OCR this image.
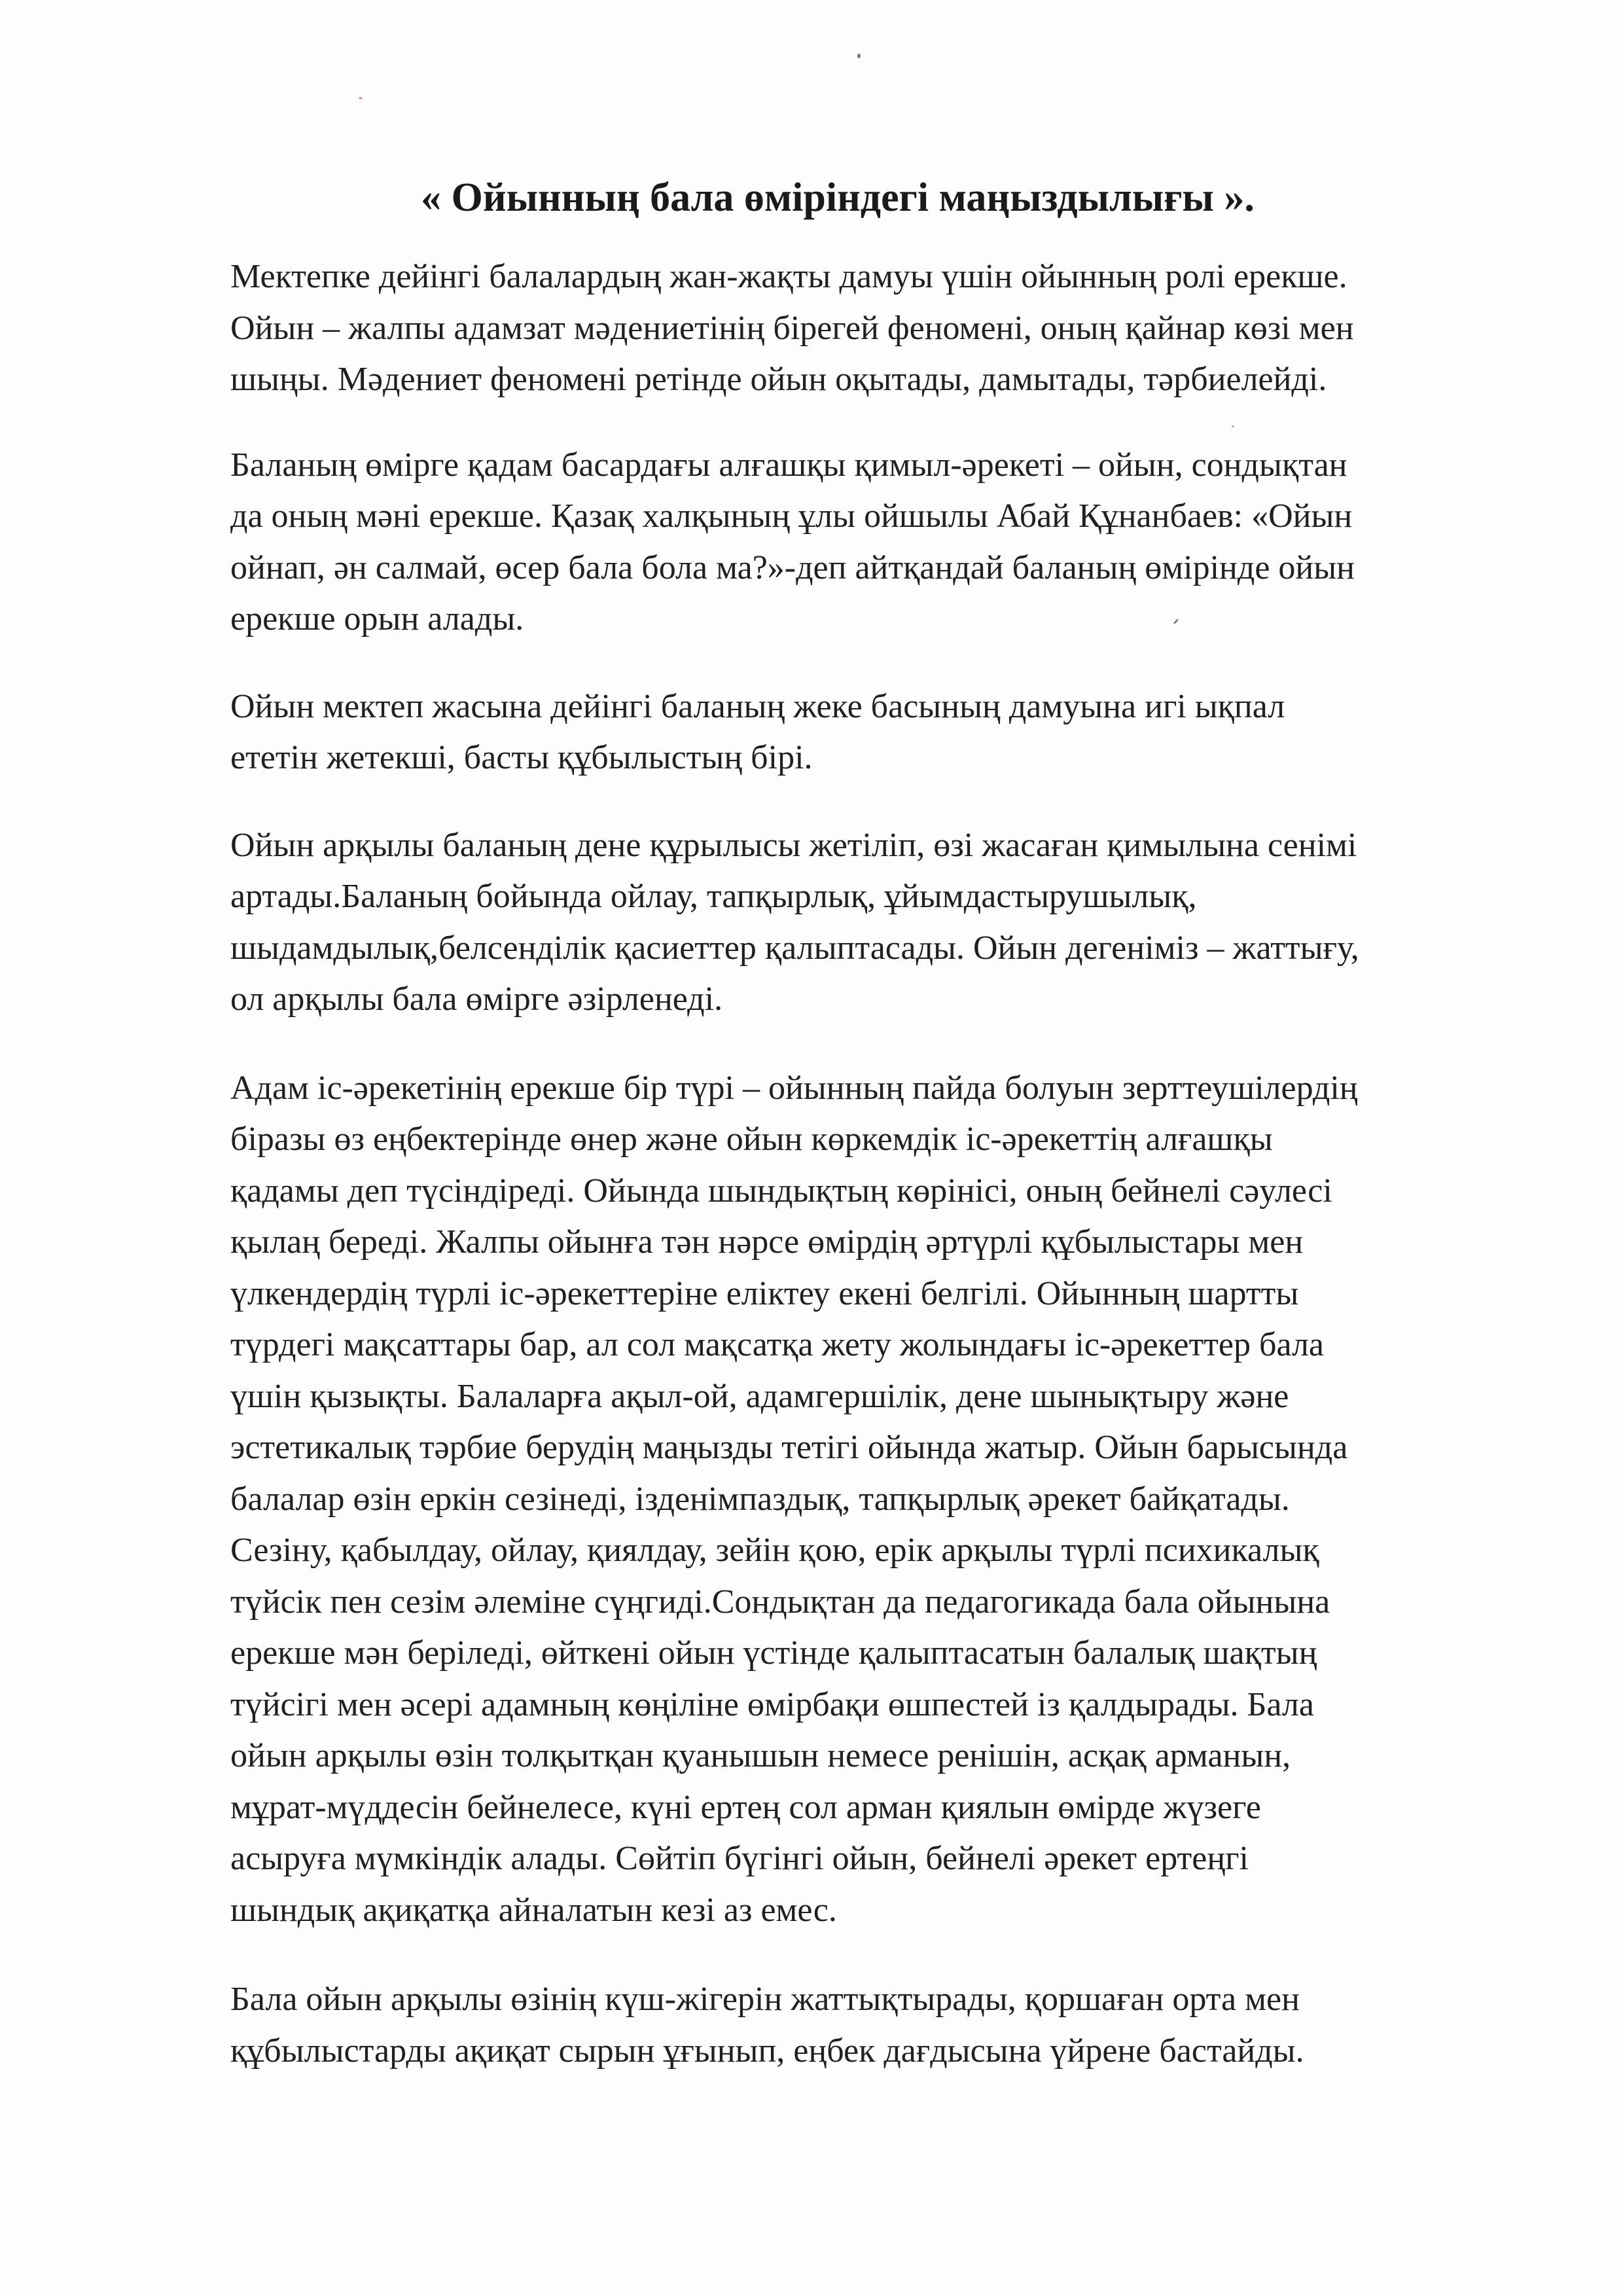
« Ойынның бала өміріндегі маңыздылығы ».

Мектепке дейінгі балалардың жан-жақты дамуы үшін ойынның ролі ерекше.
Ойын – жалпы адамзат мәдениетінің бірегей феномені, оның қайнар көзі мен
шыңы. Мәдениет феномені ретінде ойын оқытады, дамытады, тәрбиелейді.

Баланың өмірге қадам басардағы алғашқы қимыл-әрекеті – ойын, сондықтан
да оның мәні ерекше. Қазақ халқының ұлы ойшылы Абай Құнанбаев: «Ойын
ойнап, ән салмай, өсер бала бола ма?»-деп айтқандай баланың өмірінде ойын
ерекше орын алады.

Ойын мектеп жасына дейінгі баланың жеке басының дамуына игі ықпал
ететін жетекші, басты құбылыстың бірі.

Ойын арқылы баланың дене құрылысы жетіліп, өзі жасаған қимылына сенімі
артады.Баланың бойында ойлау, тапқырлық, ұйымдастырушылық,
шыдамдылық,белсенділік қасиеттер қалыптасады. Ойын дегеніміз – жаттығу,
ол арқылы бала өмірге әзірленеді.

Адам іс-әрекетінің ерекше бір түрі – ойынның пайда болуын зерттеушілердің
біразы өз еңбектерінде өнер және ойын көркемдік іс-әрекеттің алғашқы
қадамы деп түсіндіреді. Ойында шындықтың көрінісі, оның бейнелі сәулесі
қылаң береді. Жалпы ойынға тән нәрсе өмірдің әртүрлі құбылыстары мен
үлкендердің түрлі іс-әрекеттеріне еліктеу екені белгілі. Ойынның шартты
түрдегі мақсаттары бар, ал сол мақсатқа жету жолындағы іс-әрекеттер бала
үшін қызықты. Балаларға ақыл-ой, адамгершілік, дене шынықтыру және
эстетикалық тәрбие берудің маңызды тетігі ойында жатыр. Ойын барысында
балалар өзін еркін сезінеді, ізденімпаздық, тапқырлық әрекет байқатады.
Сезіну, қабылдау, ойлау, қиялдау, зейін қою, ерік арқылы түрлі психикалық
түйсік пен сезім әлеміне сүңгиді.Сондықтан да педагогикада бала ойынына
ерекше мән беріледі, өйткені ойын үстінде қалыптасатын балалық шақтың
түйсігі мен әсері адамның көңіліне өмірбақи өшпестей із қалдырады. Бала
ойын арқылы өзін толқытқан қуанышын немесе ренішін, асқақ арманын,
мұрат-мүддесін бейнелесе, күні ертең сол арман қиялын өмірде жүзеге
асыруға мүмкіндік алады. Сөйтіп бүгінгі ойын, бейнелі әрекет ертеңгі
шындық ақиқатқа айналатын кезі аз емес.

Бала ойын арқылы өзінің күш-жігерін жаттықтырады, қоршаған орта мен
құбылыстарды ақиқат сырын ұғынып, еңбек дағдысына үйрене бастайды.
